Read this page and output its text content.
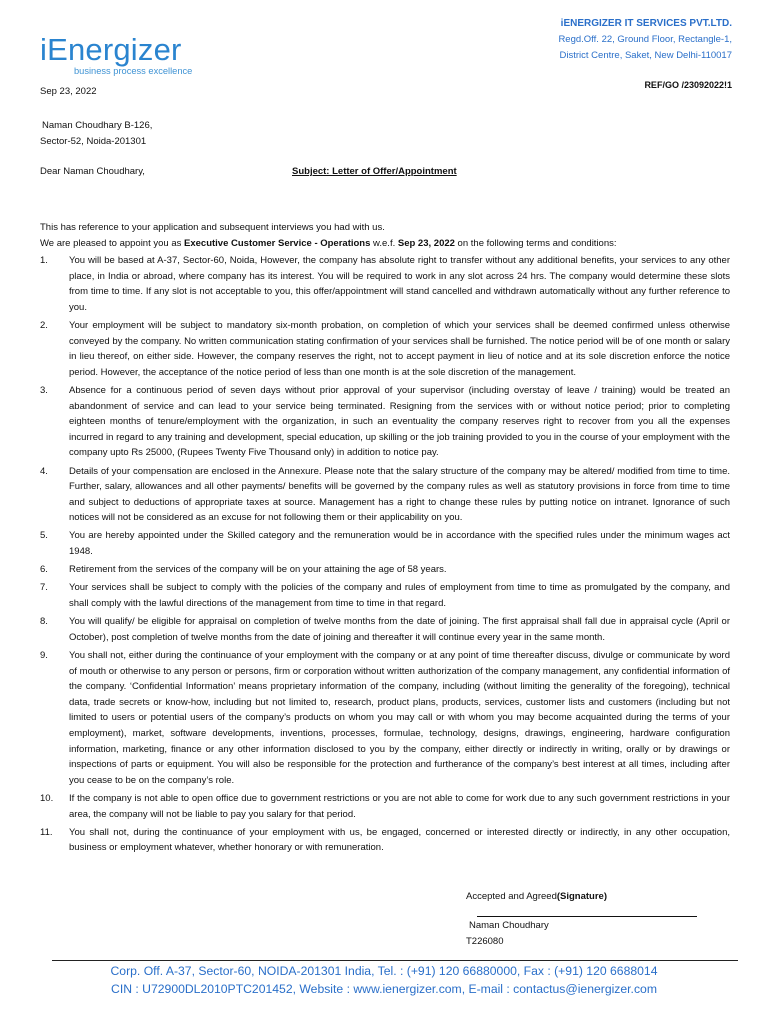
iEnergizer
business process excellence
iENERGIZER IT SERVICES PVT.LTD.
Regd.Off. 22, Ground Floor, Rectangle-1,
District Centre, Saket, New Delhi-110017
REF/GO /23092022!1
Sep 23, 2022
Naman Choudhary B-126,
Sector-52, Noida-201301
Dear Naman Choudhary,	Subject: Letter of Offer/Appointment
This has reference to your application and subsequent interviews you had with us.
We are pleased to appoint you as Executive Customer Service - Operations w.e.f. Sep 23, 2022 on the following terms and conditions:
1.	You will be based at A-37, Sector-60, Noida, However, the company has absolute right to transfer without any additional benefits, your services to any other place, in India or abroad, where company has its interest. You will be required to work in any slot across 24 hrs. The company would determine these slots from time to time. If any slot is not acceptable to you, this offer/appointment will stand cancelled and withdrawn automatically without any further reference to you.
2.	Your employment will be subject to mandatory six-month probation, on completion of which your services shall be deemed confirmed unless otherwise conveyed by the company. No written communication stating confirmation of your services shall be furnished. The notice period will be of one month or salary in lieu thereof, on either side. However, the company reserves the right, not to accept payment in lieu of notice and at its sole discretion enforce the notice period. However, the acceptance of the notice period of less than one month is at the sole discretion of the management.
3.	Absence for a continuous period of seven days without prior approval of your supervisor (including overstay of leave / training) would be treated an abandonment of service and can lead to your service being terminated. Resigning from the services with or without notice period; prior to completing eighteen months of tenure/employment with the organization, in such an eventuality the company reserves right to recover from you all the expenses incurred in regard to any training and development, special education, up skilling or the job training provided to you in the course of your employment with the company upto Rs 25000, (Rupees Twenty Five Thousand only) in addition to notice pay.
4.	Details of your compensation are enclosed in the Annexure. Please note that the salary structure of the company may be altered/ modified from time to time. Further, salary, allowances and all other payments/ benefits will be governed by the company rules as well as statutory provisions in force from time to time and subject to deductions of appropriate taxes at source. Management has a right to change these rules by putting notice on intranet. Ignorance of such notices will not be considered as an excuse for not following them or their applicability on you.
5.	You are hereby appointed under the Skilled category and the remuneration would be in accordance with the specified rules under the minimum wages act 1948.
6.	Retirement from the services of the company will be on your attaining the age of 58 years.
7.	Your services shall be subject to comply with the policies of the company and rules of employment from time to time as promulgated by the company, and shall comply with the lawful directions of the management from time to time in that regard.
8.	You will qualify/ be eligible for appraisal on completion of twelve months from the date of joining. The first appraisal shall fall due in appraisal cycle (April or October), post completion of twelve months from the date of joining and thereafter it will continue every year in the same month.
9.	You shall not, either during the continuance of your employment with the company or at any point of time thereafter discuss, divulge or communicate by word of mouth or otherwise to any person or persons, firm or corporation without written authorization of the company management, any confidential information of the company. ‘Confidential Information’ means proprietary information of the company, including (without limiting the generality of the foregoing), technical data, trade secrets or know-how, including but not limited to, research, product plans, products, services, customer lists and customers (including but not limited to users or potential users of the company’s products on whom you may call or with whom you may become acquainted during the terms of your employment), market, software developments, inventions, processes, formulae, technology, designs, drawings, engineering, hardware configuration information, marketing, finance or any other information disclosed to you by the company, either directly or indirectly in writing, orally or by drawings or inspections of parts or equipment. You will also be responsible for the protection and furtherance of the company’s best interest at all times, including after you cease to be on the company’s role.
10.	If the company is not able to open office due to government restrictions or you are not able to come for work due to any such government restrictions in your area, the company will not be liable to pay you salary for that period.
11.	You shall not, during the continuance of your employment with us, be engaged, concerned or interested directly or indirectly, in any other occupation, business or employment whatever, whether honorary or with remuneration.
Accepted and Agreed(Signature)
Naman Choudhary
T226080
Corp. Off. A-37, Sector-60, NOIDA-201301 India, Tel. : (+91) 120 66880000, Fax : (+91) 120 6688014
CIN : U72900DL2010PTC201452, Website : www.ienergizer.com, E-mail : contactus@ienergizer.com
